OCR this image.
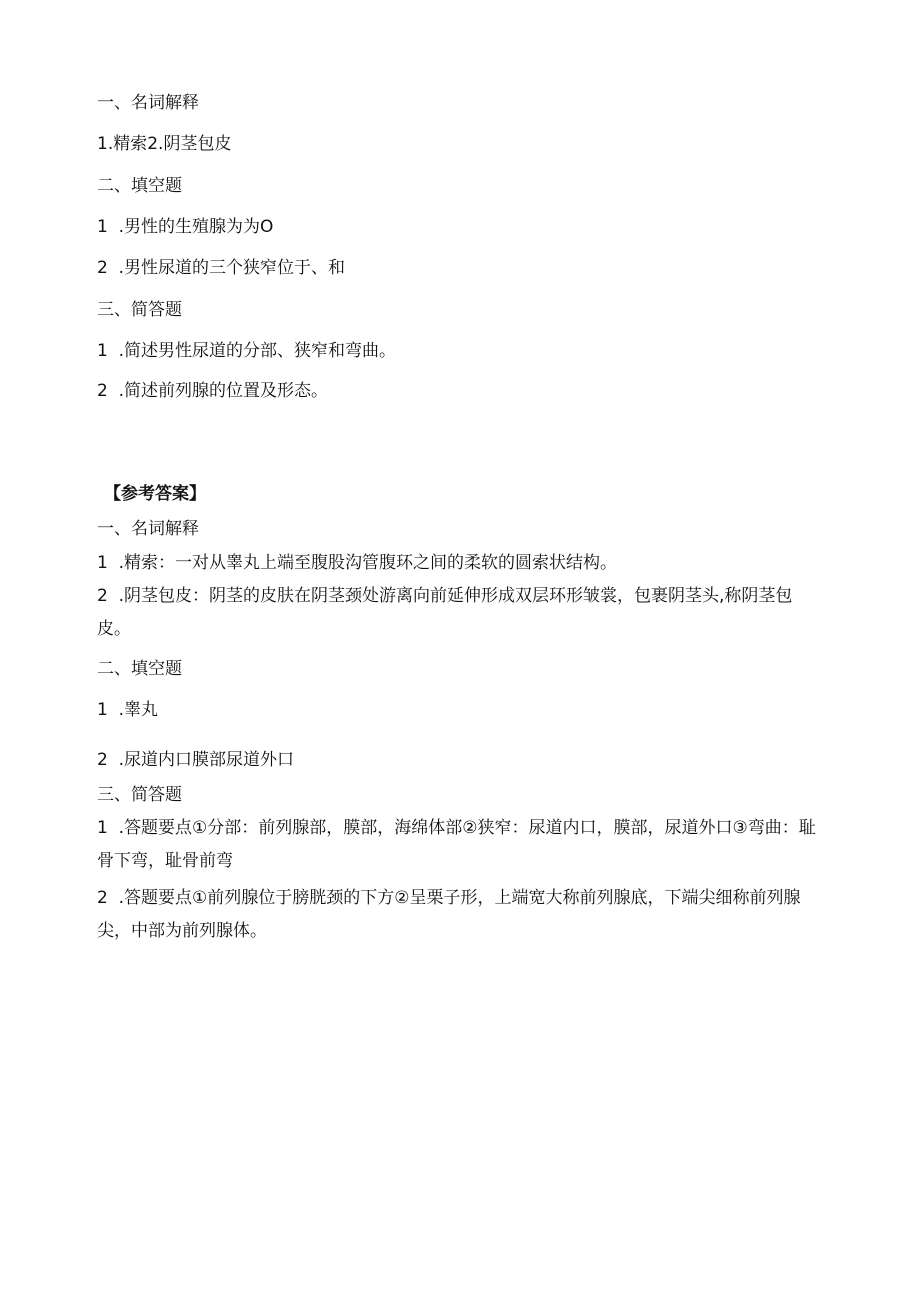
一、名词解释
1.精索2.阴茎包皮
二、填空题
1  .男性的生殖腺为为O
2  .男性尿道的三个狭窄位于、和
三、简答题
1  .简述男性尿道的分部、狭窄和弯曲。
2  .简述前列腺的位置及形态。
【参考答案】
一、名词解释
1  .精索：一对从睾丸上端至腹股沟管腹环之间的柔软的圆索状结构。
2  .阴茎包皮：阴茎的皮肤在阴茎颈处游离向前延伸形成双层环形皱裳，包裹阴茎头,称阴茎包皮。
二、填空题
1  .睾丸
2  .尿道内口膜部尿道外口
三、简答题
1  .答题要点①分部：前列腺部，膜部，海绵体部②狭窄：尿道内口，膜部，尿道外口③弯曲：耻骨下弯，耻骨前弯
2  .答题要点①前列腺位于膀胱颈的下方②呈栗子形，上端宽大称前列腺底，下端尖细称前列腺尖，中部为前列腺体。
